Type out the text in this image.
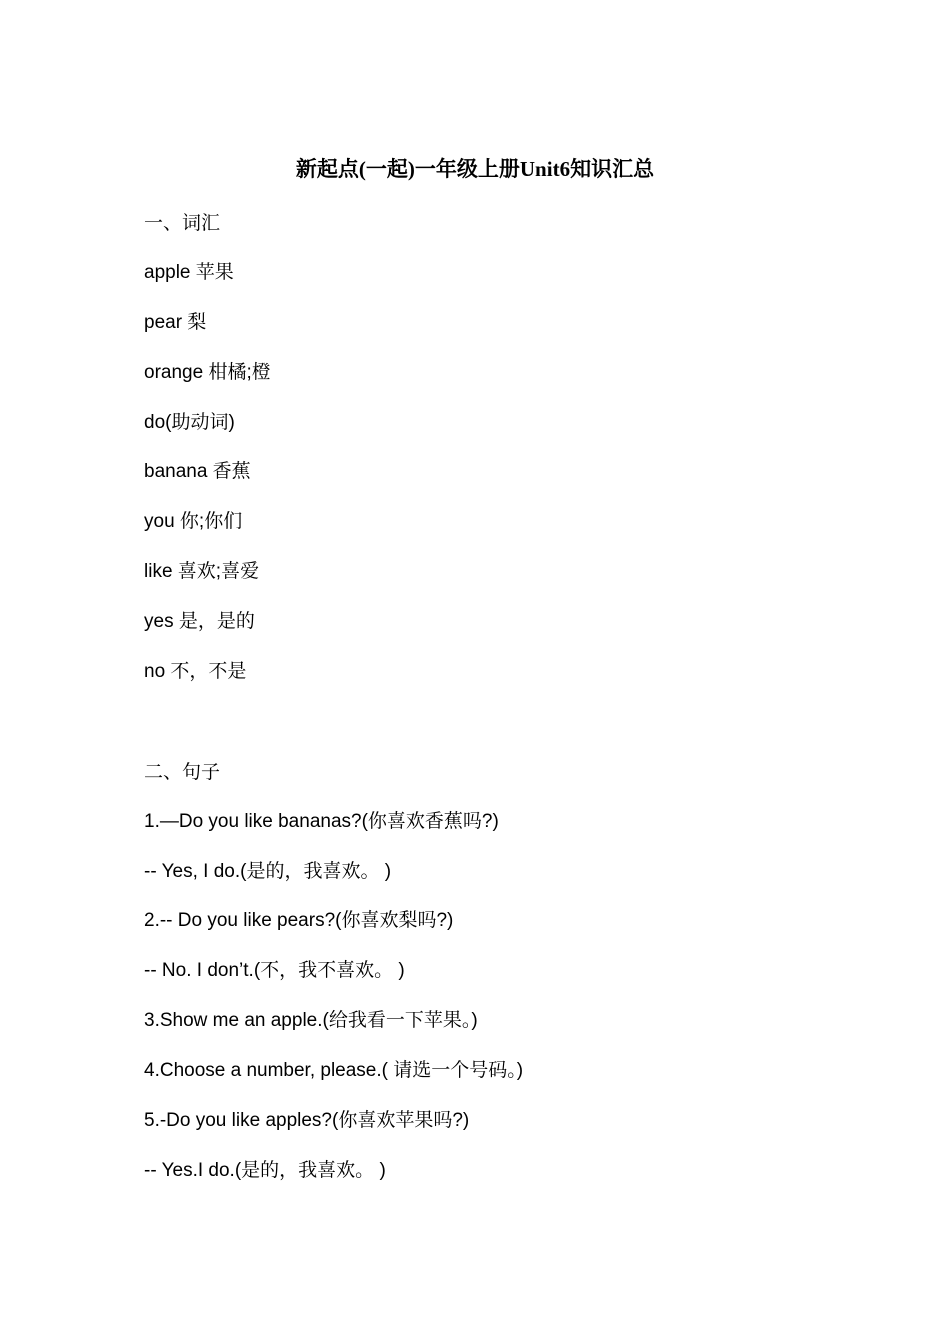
新起点(一起)一年级上册Unit6知识汇总
一、词汇
apple 苹果
pear 梨
orange 柑橘;橙
do(助动词)
banana 香蕉
you 你;你们
like 喜欢;喜爱
yes 是，是的
no 不，不是
二、句子
1.—Do you like bananas?(你喜欢香蕉吗?)
-- Yes, I do.(是的，我喜欢。 )
2.-- Do you like pears?(你喜欢梨吗?)
-- No. I don’t.(不，我不喜欢。 )
3.Show me an apple.(给我看一下苹果。)
4.Choose a number, please.( 请选一个号码。)
5.-Do you like apples?(你喜欢苹果吗?)
-- Yes.I do.(是的，我喜欢。 )
